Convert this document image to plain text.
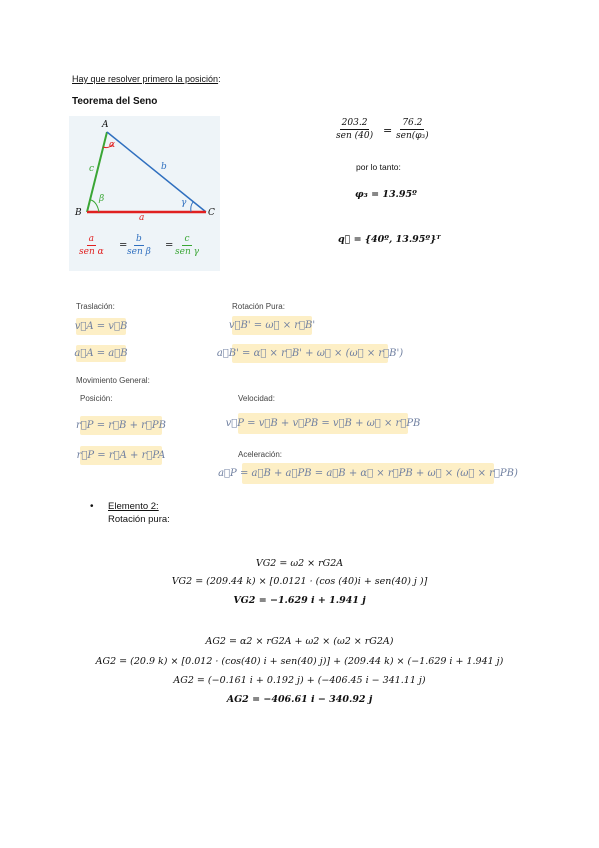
Hay que resolver primero la posición:
Teorema del Seno
A
B	C
α
β	γ
c	b
a
a
sen α
=
b
sen β
=
c
sen γ
203.2
sen (40) =
76.2
sen(φ₃)
por lo tanto:
φ₃ = 13.95º
q⃗ = {40º, 13.95º}ᵀ
Traslación:
v⃗A = v⃗B
a⃗A = a⃗B
Rotación Pura:
v⃗B' = ω⃗ × r⃗B'
a⃗B' = α⃗ × r⃗B' + ω⃗ × (ω⃗ × r⃗B')
Movimiento General:
Posición:
r⃗P = r⃗B + r⃗PB
r⃗P = r⃗A + r⃗PA
Velocidad:
v⃗P = v⃗B + v⃗PB = v⃗B + ω⃗ × r⃗PB
Aceleración:
a⃗P = a⃗B + a⃗PB = a⃗B + α⃗ × r⃗PB + ω⃗ × (ω⃗ × r⃗PB)
• Elemento 2:
Rotación pura:
VG2 = ω2 × rG2A
VG2 = (209.44 k) × [0.0121 · (cos (40)i + sen(40) j )]
VG2 = −1.629 i + 1.941 j
AG2 = α2 × rG2A + ω2 × (ω2 × rG2A)
AG2 = (20.9 k) × [0.012 · (cos(40) i + sen(40) j)] + (209.44 k) × (−1.629 i + 1.941 j)
AG2 = (−0.161 i + 0.192 j) + (−406.45 i − 341.11 j)
AG2 = −406.61 i − 340.92 j
